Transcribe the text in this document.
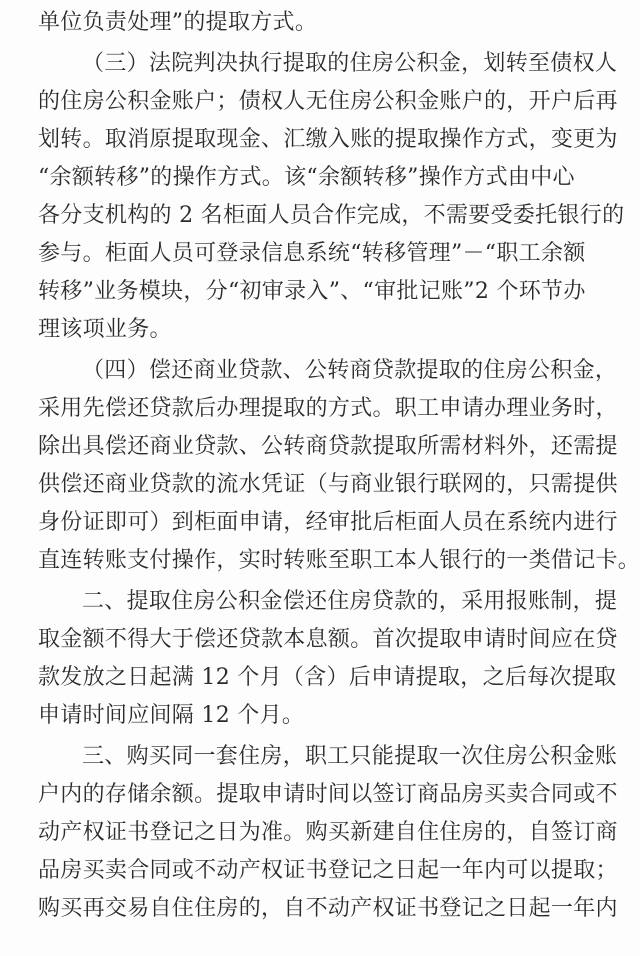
单位负责处理”的提取方式。
（三）法院判决执行提取的住房公积金，划转至债权人
的住房公积金账户；债权人无住房公积金账户的，开户后再
划转。取消原提取现金、汇缴入账的提取操作方式，变更为
“余额转移”的操作方式。该“余额转移”操作方式由中心
各分支机构的 2 名柜面人员合作完成，不需要受委托银行的
参与。柜面人员可登录信息系统“转移管理”－“职工余额
转移”业务模块，分“初审录入”、“审批记账”2 个环节办
理该项业务。
（四）偿还商业贷款、公转商贷款提取的住房公积金，
采用先偿还贷款后办理提取的方式。职工申请办理业务时，
除出具偿还商业贷款、公转商贷款提取所需材料外，还需提
供偿还商业贷款的流水凭证（与商业银行联网的，只需提供
身份证即可）到柜面申请，经审批后柜面人员在系统内进行
直连转账支付操作，实时转账至职工本人银行的一类借记卡。
二、提取住房公积金偿还住房贷款的，采用报账制，提
取金额不得大于偿还贷款本息额。首次提取申请时间应在贷
款发放之日起满 12 个月（含）后申请提取，之后每次提取
申请时间应间隔 12 个月。
三、购买同一套住房，职工只能提取一次住房公积金账
户内的存储余额。提取申请时间以签订商品房买卖合同或不
动产权证书登记之日为准。购买新建自住住房的，自签订商
品房买卖合同或不动产权证书登记之日起一年内可以提取；
购买再交易自住住房的，自不动产权证书登记之日起一年内
